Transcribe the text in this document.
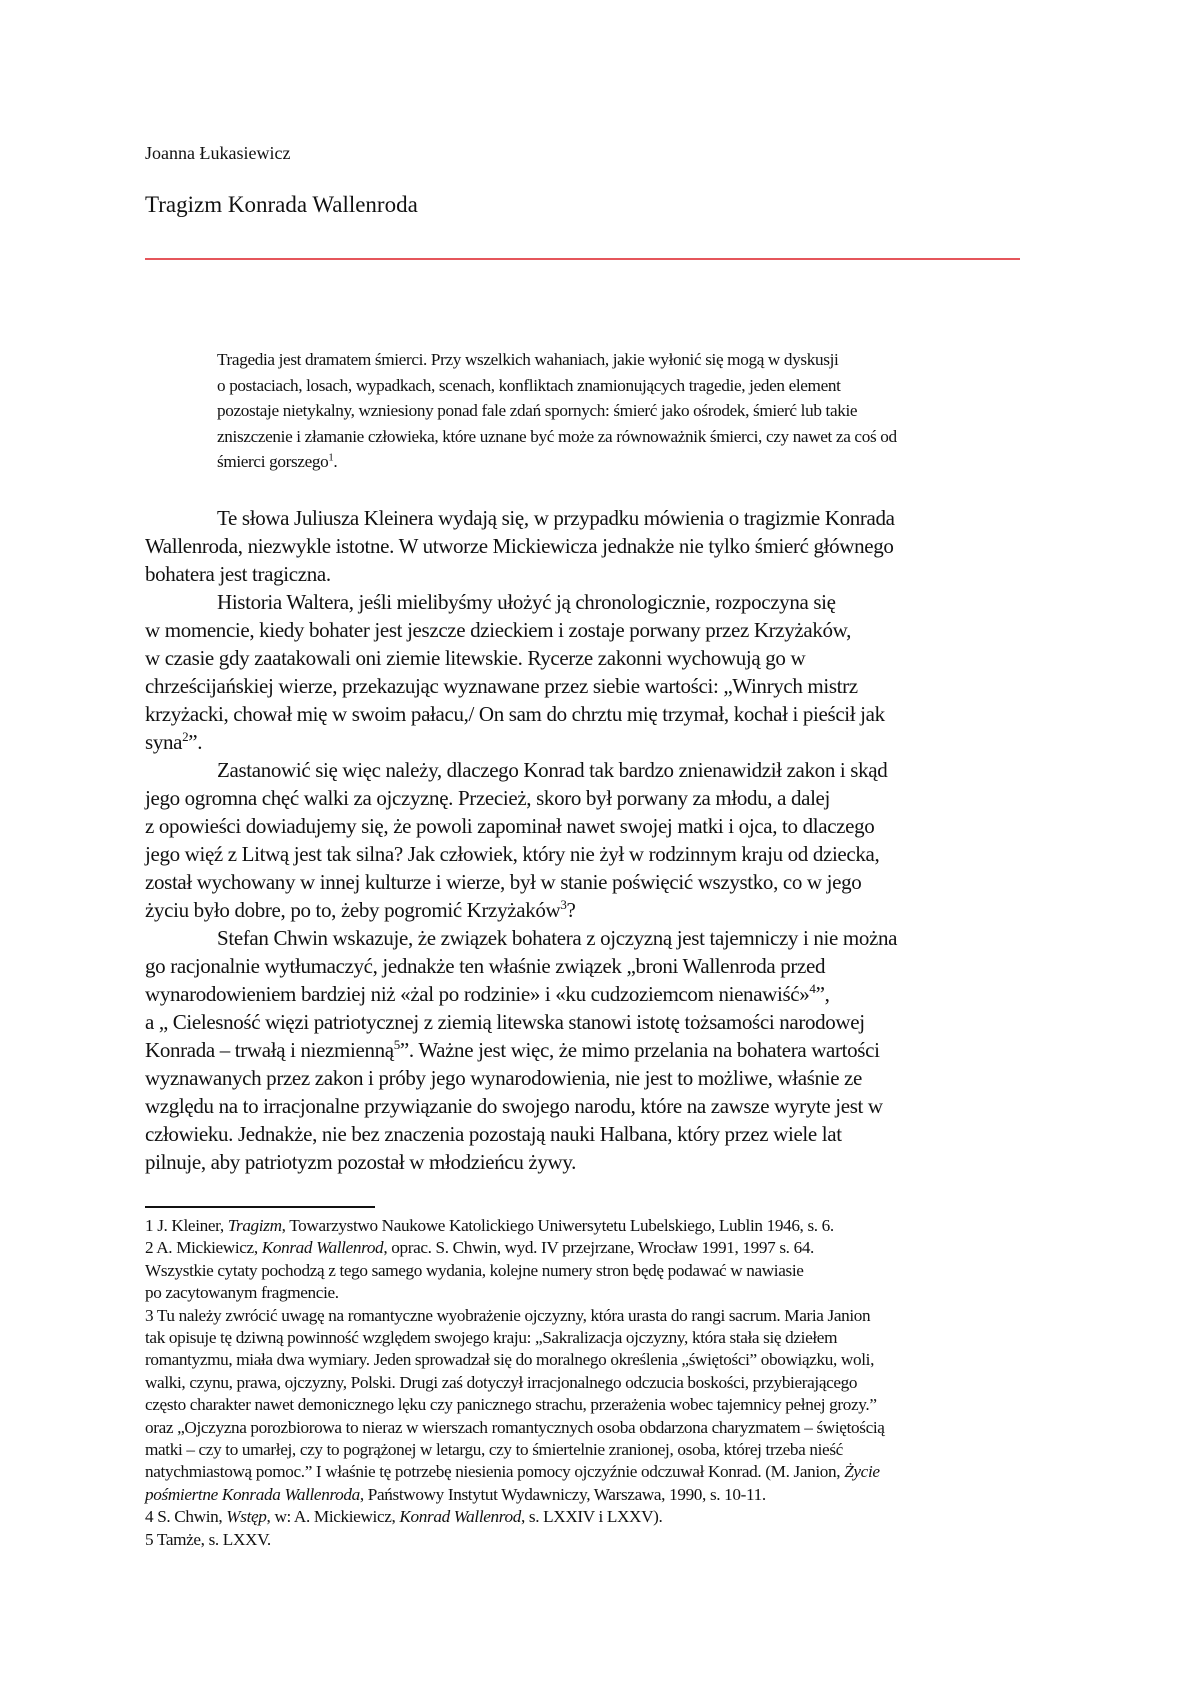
Joanna Łukasiewicz
Tragizm Konrada Wallenroda
Tragedia jest dramatem śmierci. Przy wszelkich wahaniach, jakie wyłonić się mogą w dyskusji
o postaciach, losach, wypadkach, scenach, konfliktach znamionujących tragedie, jeden element
pozostaje nietykalny, wzniesiony ponad fale zdań spornych: śmierć jako ośrodek, śmierć lub takie
zniszczenie i złamanie człowieka, które uznane być może za równoważnik śmierci, czy nawet za coś od
śmierci gorszego$^1$.

Te słowa Juliusza Kleinera wydają się, w przypadku mówienia o tragizmie Konrada
Wallenroda, niezwykle istotne. W utworze Mickiewicza jednakże nie tylko śmierć głównego
bohatera jest tragiczna.

Historia Waltera, jeśli mielibyśmy ułożyć ją chronologicznie, rozpoczyna się
w momencie, kiedy bohater jest jeszcze dzieckiem i zostaje porwany przez Krzyżaków,
w czasie gdy zaatakowali oni ziemie litewskie. Rycerze zakonni wychowują go w
chrześcijańskiej wierze, przekazując wyznawane przez siebie wartości: „Winrych mistrz
krzyżacki, chował mię w swoim pałacu,/ On sam do chrztu mię trzymał, kochał i pieścił jak
syna$^2$”.

Zastanowić się więc należy, dlaczego Konrad tak bardzo znienawidził zakon i skąd
jego ogromna chęć walki za ojczyznę. Przecież, skoro był porwany za młodu, a dalej
z opowieści dowiadujemy się, że powoli zapominał nawet swojej matki i ojca, to dlaczego
jego więź z Litwą jest tak silna? Jak człowiek, który nie żył w rodzinnym kraju od dziecka,
został wychowany w innej kulturze i wierze, był w stanie poświęcić wszystko, co w jego
życiu było dobre, po to, żeby pogromić Krzyżaków$^3$?

Stefan Chwin wskazuje, że związek bohatera z ojczyzną jest tajemniczy i nie można
go racjonalnie wytłumaczyć, jednakże ten właśnie związek „broni Wallenroda przed
wynarodowieniem bardziej niż «żal po rodzinie» i «ku cudzoziemcom nienawiść»$^4$”,
a „ Cielesność więzi patriotycznej z ziemią litewska stanowi istotę tożsamości narodowej
Konrada – trwałą i niezmienną$^5$”. Ważne jest więc, że mimo przelania na bohatera wartości
wyznawanych przez zakon i próby jego wynarodowienia, nie jest to możliwe, właśnie ze
względu na to irracjonalne przywiązanie do swojego narodu, które na zawsze wyryte jest w
człowieku. Jednakże, nie bez znaczenia pozostają nauki Halbana, który przez wiele lat
pilnuje, aby patriotyzm pozostał w młodzieńcu żywy.

1 J. Kleiner, Tragizm, Towarzystwo Naukowe Katolickiego Uniwersytetu Lubelskiego, Lublin 1946, s. 6.
2 A. Mickiewicz, Konrad Wallenrod, oprac. S. Chwin, wyd. IV przejrzane, Wrocław 1991, 1997 s. 64.
Wszystkie cytaty pochodzą z tego samego wydania, kolejne numery stron będę podawać w nawiasie
po zacytowanym fragmencie.
3 Tu należy zwrócić uwagę na romantyczne wyobrażenie ojczyzny, która urasta do rangi sacrum. Maria Janion
tak opisuje tę dziwną powinność względem swojego kraju: „Sakralizacja ojczyzny, która stała się dziełem
romantyzmu, miała dwa wymiary. Jeden sprowadzał się do moralnego określenia „świętości” obowiązku, woli,
walki, czynu, prawa, ojczyzny, Polski. Drugi zaś dotyczył irracjonalnego odczucia boskości, przybierającego
często charakter nawet demonicznego lęku czy panicznego strachu, przerażenia wobec tajemnicy pełnej grozy.”
oraz „Ojczyzna porozbiorowa to nieraz w wierszach romantycznych osoba obdarzona charyzmatem – świętością
matki – czy to umarłej, czy to pogrążonej w letargu, czy to śmiertelnie zranionej, osoba, której trzeba nieść
natychmiastową pomoc.” I właśnie tę potrzebę niesienia pomocy ojczyźnie odczuwał Konrad. (M. Janion, Życie
pośmiertne Konrada Wallenroda, Państwowy Instytut Wydawniczy, Warszawa, 1990, s. 10-11.
4 S. Chwin, Wstęp, w: A. Mickiewicz, Konrad Wallenrod, s. LXXIV i LXXV).
5 Tamże, s. LXXV.
